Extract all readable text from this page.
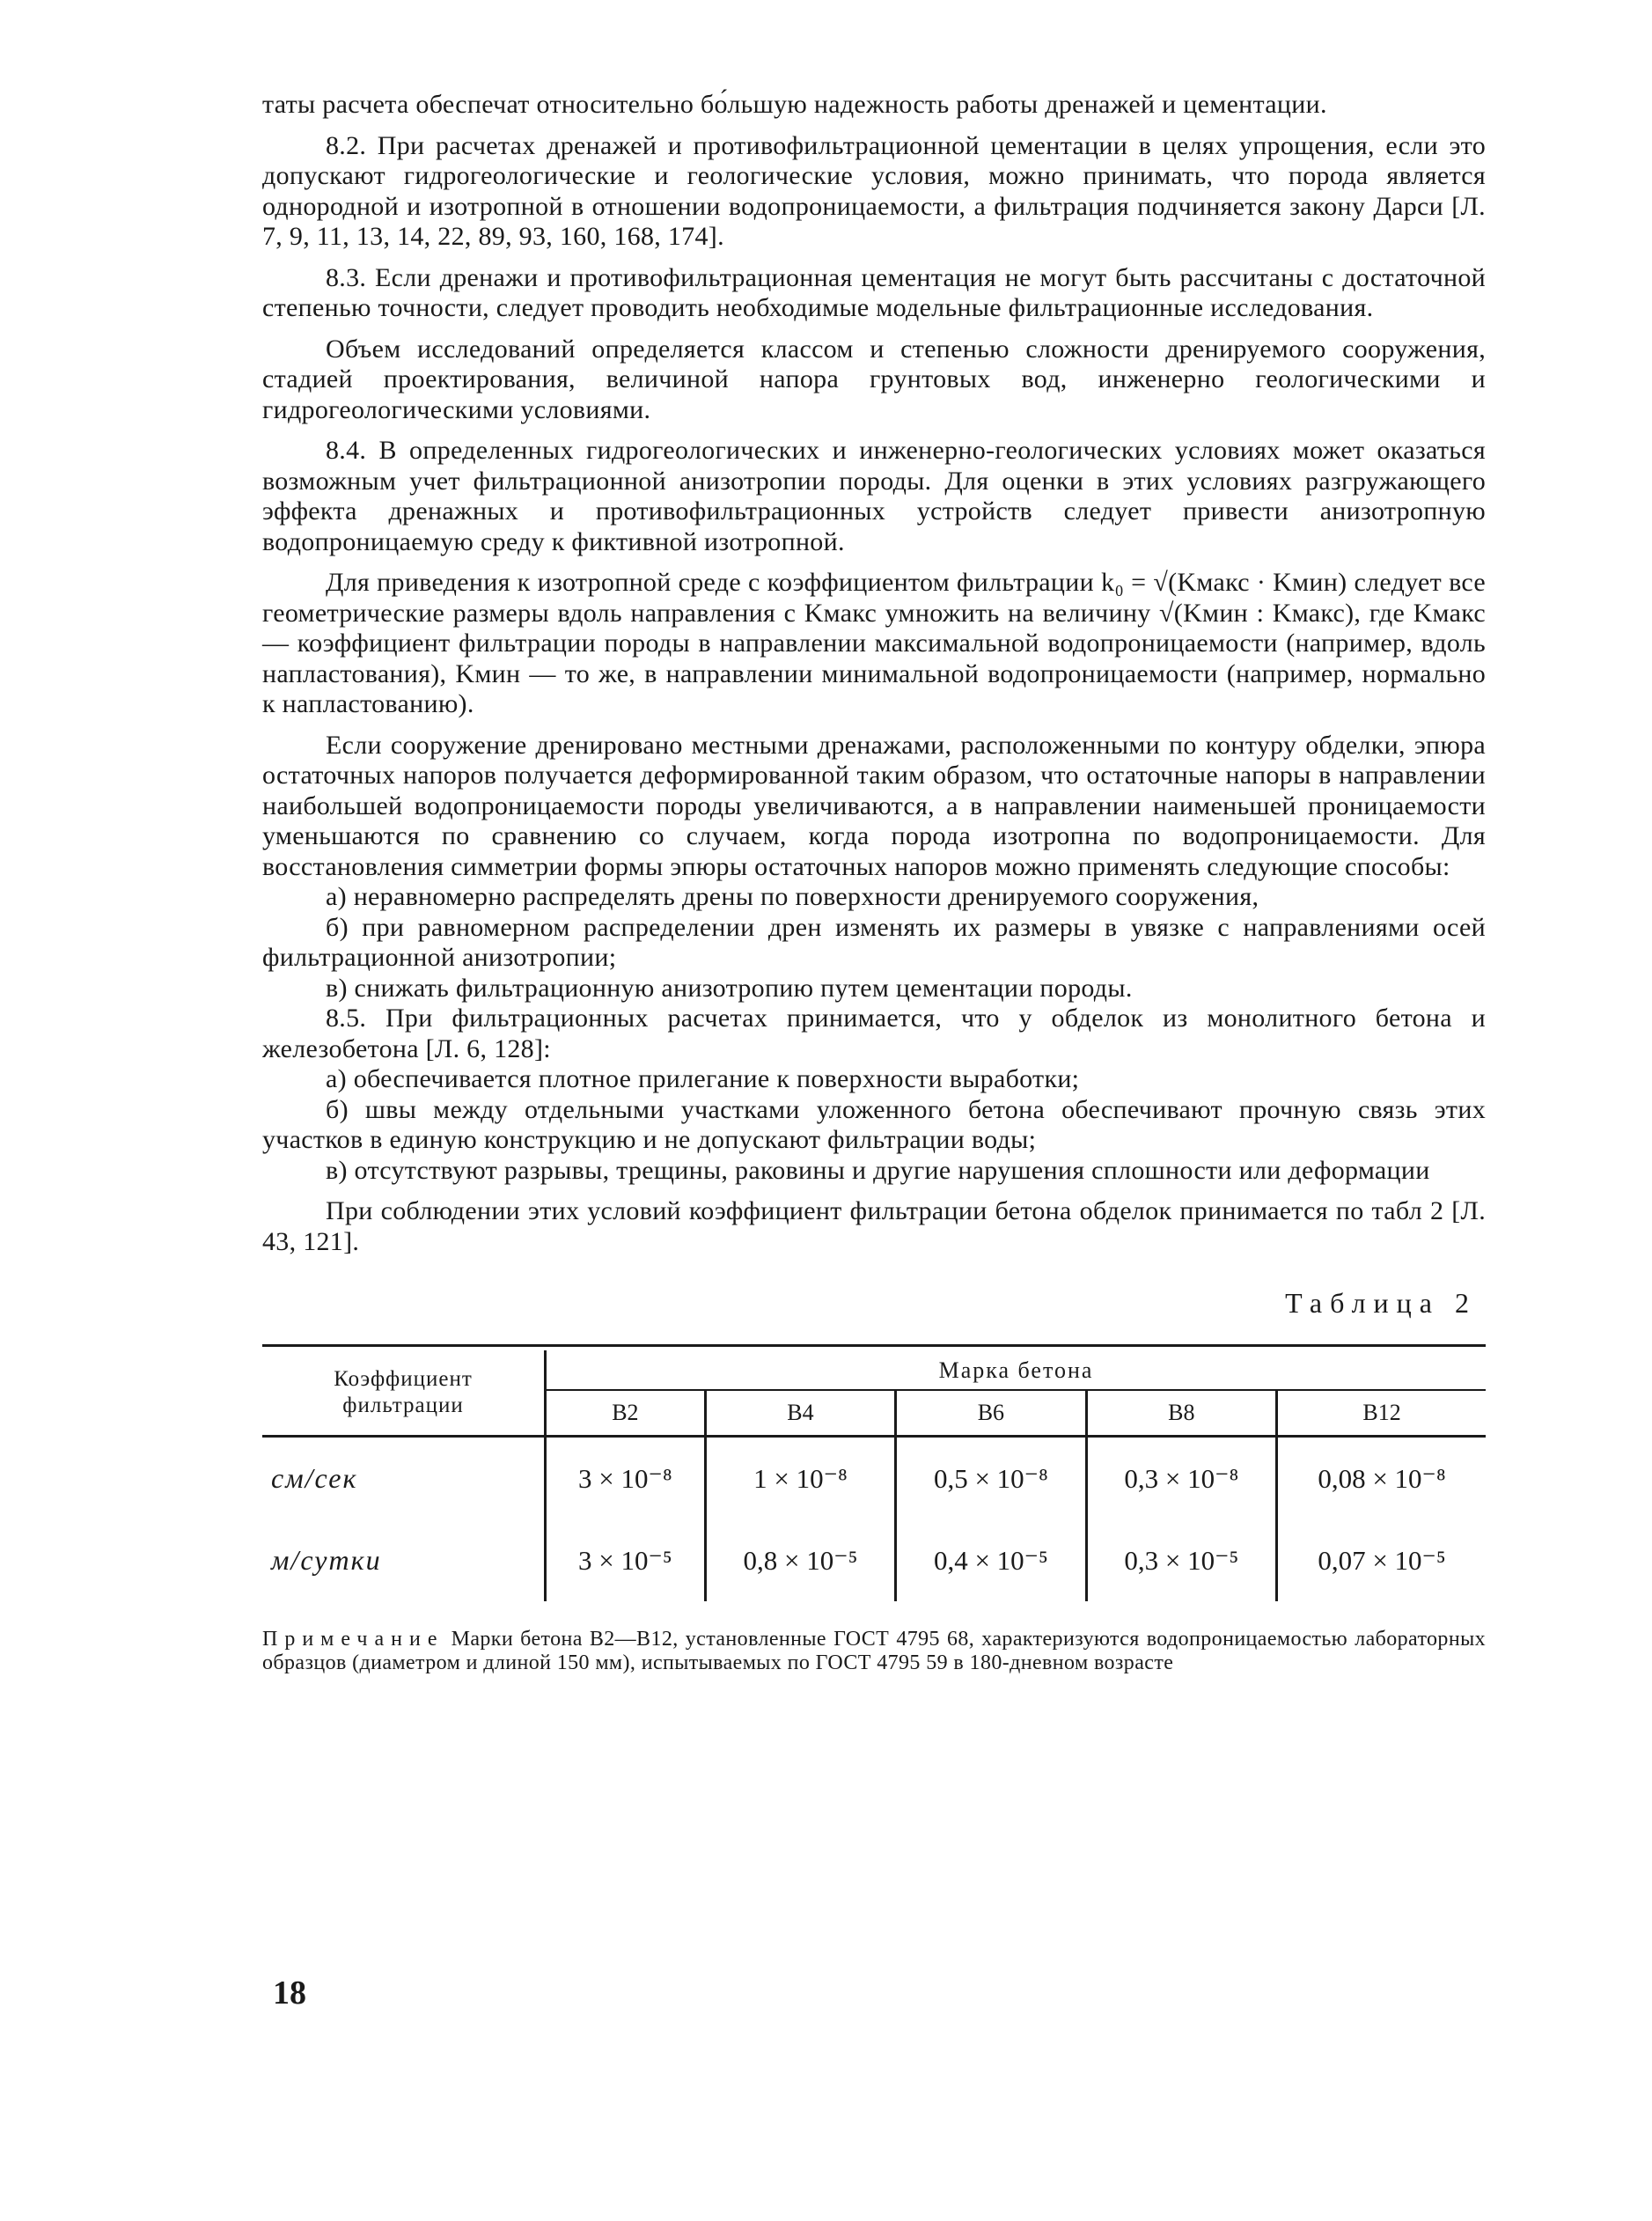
таты расчета обеспечат относительно бо́льшую надежность работы дренажей и цементации.

8.2. При расчетах дренажей и противофильтрационной цементации в целях упрощения, если это допускают гидрогеологические и геологические условия, можно принимать, что порода является однородной и изотропной в отношении водопроницаемости, а фильтрация подчиняется закону Дарси [Л. 7, 9, 11, 13, 14, 22, 89, 93, 160, 168, 174].

8.3. Если дренажи и противофильтрационная цементация не могут быть рассчитаны с достаточной степенью точности, следует проводить необходимые модельные фильтрационные исследования.

Объем исследований определяется классом и степенью сложности дренируемого сооружения, стадией проектирования, величиной напора грунтовых вод, инженерно геологическими и гидрогеологическими условиями.

8.4. В определенных гидрогеологических и инженерно-геологических условиях может оказаться возможным учет фильтрационной анизотропии породы. Для оценки в этих условиях разгружающего эффекта дренажных и противофильтрационных устройств следует привести анизотропную водопроницаемую среду к фиктивной изотропной.

Для приведения к изотропной среде с коэффициентом фильтрации k₀ = √(Kмакс · Kмин) следует все геометрические размеры вдоль направления с Kмакс умножить на величину √(Kмин : Kмакс), где Kмакс — коэффициент фильтрации породы в направлении максимальной водопроницаемости (например, вдоль напластования), Kмин — то же, в направлении минимальной водопроницаемости (например, нормально к напластованию).

Если сооружение дренировано местными дренажами, расположенными по контуру обделки, эпюра остаточных напоров получается деформированной таким образом, что остаточные напоры в направлении наибольшей водопроницаемости породы увеличиваются, а в направлении наименьшей проницаемости уменьшаются по сравнению со случаем, когда порода изотропна по водопроницаемости. Для восстановления симметрии формы эпюры остаточных напоров можно применять следующие способы:

а) неравномерно распределять дрены по поверхности дренируемого сооружения,

б) при равномерном распределении дрен изменять их размеры в увязке с направлениями осей фильтрационной анизотропии;

в) снижать фильтрационную анизотропию путем цементации породы.

8.5. При фильтрационных расчетах принимается, что у обделок из монолитного бетона и железобетона [Л. 6, 128]:

а) обеспечивается плотное прилегание к поверхности выработки;

б) швы между отдельными участками уложенного бетона обеспечивают прочную связь этих участков в единую конструкцию и не допускают фильтрации воды;

в) отсутствуют разрывы, трещины, раковины и другие нарушения сплошности или деформации

При соблюдении этих условий коэффициент фильтрации бетона обделок принимается по табл 2 [Л. 43, 121].

Таблица 2

Коэффициент
фильтрации	Марка бетона				
	B2	B4	B6	B8	B12
см/сек	3 × 10⁻⁸	1 × 10⁻⁸	0,5 × 10⁻⁸	0,3 × 10⁻⁸	0,08 × 10⁻⁸
м/сутки	3 × 10⁻⁵	0,8 × 10⁻⁵	0,4 × 10⁻⁵	0,3 × 10⁻⁵	0,07 × 10⁻⁵

Примечание Марки бетона В2—В12, установленные ГОСТ 4795 68, характеризуются водопроницаемостью лабораторных образцов (диаметром и длиной 150 мм), испытываемых по ГОСТ 4795 59 в 180-дневном возрасте

18
